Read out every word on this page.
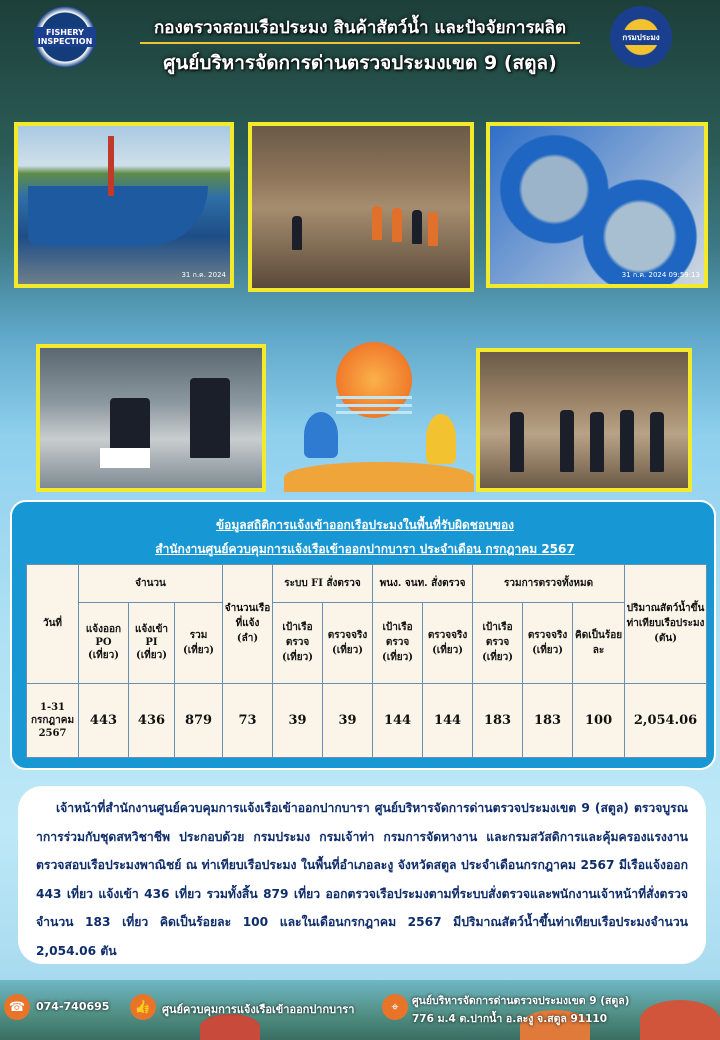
FISHERY INSPECTION
กองตรวจสอบเรือประมง สินค้าสัตว์น้ำ และปัจจัยการผลิต
ศูนย์บริหารจัดการด่านตรวจประมงเขต 9 (สตูล)
กรมประมง
31 ก.ค. 2024	31 ก.ค. 2024 09:59:13
ข้อมูลสถิติการแจ้งเข้าออกเรือประมงในพื้นที่รับผิดชอบของ
สำนักงานศูนย์ควบคุมการแจ้งเรือเข้าออกปากบารา ประจำเดือน กรกฎาคม 2567
วันที่	จำนวน			จำนวนเรือที่แจ้ง (ลำ)	ระบบ FI สั่งตรวจ		พนง. จนท. สั่งตรวจ		รวมการตรวจทั้งหมด			ปริมาณสัตว์น้ำขึ้นท่าเทียบเรือประมง (ตัน)
	แจ้งออก PO (เที่ยว)	แจ้งเข้า PI (เที่ยว)	รวม (เที่ยว)		เป้าเรือตรวจ (เที่ยว)	ตรวจจริง (เที่ยว)	เป้าเรือตรวจ (เที่ยว)	ตรวจจริง (เที่ยว)	เป้าเรือตรวจ (เที่ยว)	ตรวจจริง (เที่ยว)	คิดเป็นร้อยละ	
1-31 กรกฎาคม 2567	443	436	879	73	39	39	144	144	183	183	100	2,054.06
เจ้าหน้าที่สำนักงานศูนย์ควบคุมการแจ้งเรือเข้าออกปากบารา ศูนย์บริหารจัดการด่านตรวจประมงเขต 9 (สตูล) ตรวจบูรณาการร่วมกับชุดสหวิชาชีพ ประกอบด้วย กรมประมง กรมเจ้าท่า กรมการจัดหางาน และกรมสวัสดิการและคุ้มครองแรงงาน ตรวจสอบเรือประมงพาณิชย์ ณ ท่าเทียบเรือประมง ในพื้นที่อำเภอละงู จังหวัดสตูล ประจำเดือนกรกฎาคม 2567 มีเรือแจ้งออก 443 เที่ยว แจ้งเข้า 436 เที่ยว รวมทั้งสิ้น 879 เที่ยว ออกตรวจเรือประมงตามที่ระบบสั่งตรวจและพนักงานเจ้าหน้าที่สั่งตรวจจำนวน 183 เที่ยว คิดเป็นร้อยละ 100 และในเดือนกรกฎาคม 2567 มีปริมาณสัตว์น้ำขึ้นท่าเทียบเรือประมงจำนวน 2,054.06 ตัน
☎ 074-740695	👍 ศูนย์ควบคุมการแจ้งเรือเข้าออกปากบารา	⌖	ศูนย์บริหารจัดการด่านตรวจประมงเขต 9 (สตูล)
776 ม.4 ต.ปากน้ำ อ.ละงู จ.สตูล 91110
